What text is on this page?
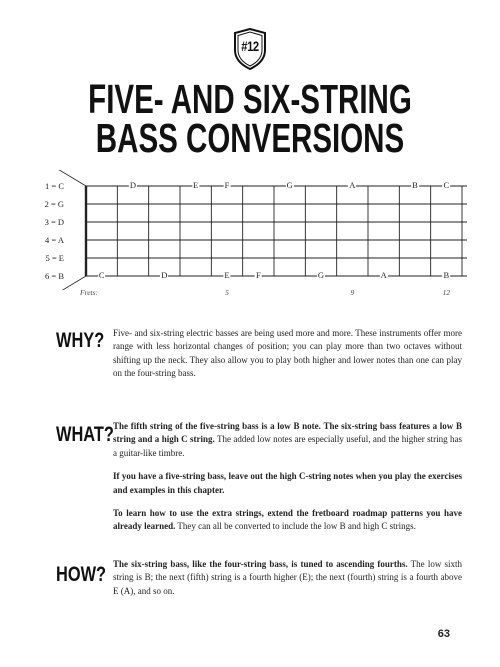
#12
FIVE- AND SIX-STRING
BASS CONVERSIONS
1 = C
2 = G
3 = D
4 = A
5 = E
6 = B
D	E	F	G	A	B	C
C	D	E	F	G	A	B
Frets:	5	9	12
WHY? Five- and six-string electric basses are being used more and more. These instruments offer more range with less horizontal changes of position; you can play more than two octaves without shifting up the neck. They also allow you to play both higher and lower notes than one can play on the four-string bass.

WHAT? The fifth string of the five-string bass is a low B note. The six-string bass features a low B string and a high C string. The added low notes are especially useful, and the higher string has a guitar-like timbre.

If you have a five-string bass, leave out the high C-string notes when you play the exercises and examples in this chapter.

To learn how to use the extra strings, extend the fretboard roadmap patterns you have already learned. They can all be converted to include the low B and high C strings.

HOW? The six-string bass, like the four-string bass, is tuned to ascending fourths. The low sixth string is B; the next (fifth) string is a fourth higher (E); the next (fourth) string is a fourth above E (A), and so on.

63
